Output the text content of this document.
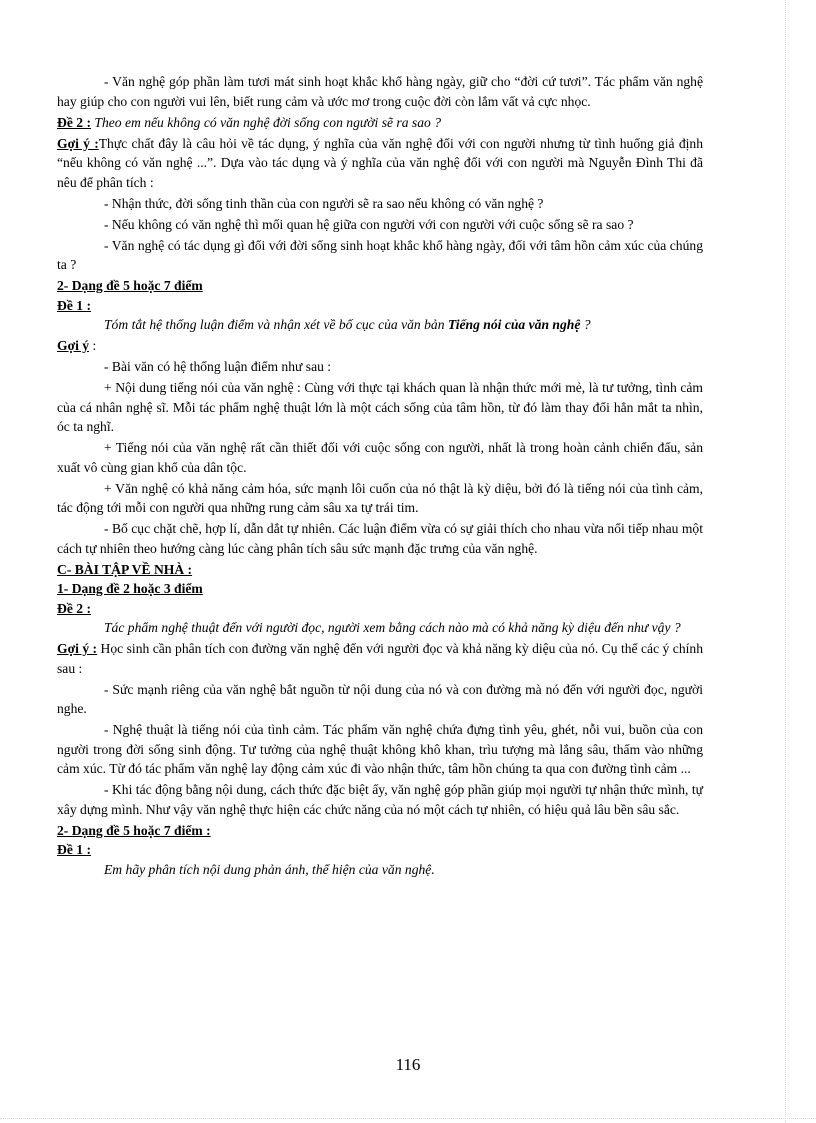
- Văn nghệ góp phần làm tươi mát sinh hoạt khắc khổ hàng ngày, giữ cho “đời cứ tươi”. Tác phẩm văn nghệ hay giúp cho con người vui lên, biết rung cảm và ước mơ trong cuộc đời còn lắm vất vả cực nhọc.

Đề 2 : Theo em nếu không có văn nghệ đời sống con người sẽ ra sao ?

Gợi ý :Thực chất đây là câu hỏi về tác dụng, ý nghĩa của văn nghệ đối với con người nhưng từ tình huống giả định “nếu không có văn nghệ ...”. Dựa vào tác dụng và ý nghĩa của văn nghệ đối với con người mà Nguyễn Đình Thi đã nêu để phân tích :

- Nhận thức, đời sống tinh thần của con người sẽ ra sao nếu không có văn nghệ ?

- Nếu không có văn nghệ thì mối quan hệ giữa con người với con người với cuộc sống sẽ ra sao ?

- Văn nghệ có tác dụng gì đối với đời sống sinh hoạt khắc khổ hàng ngày, đối với tâm hồn cảm xúc của chúng ta ?

2- Dạng đề 5 hoặc 7 điểm

Đề 1 :

Tóm tắt hệ thống luận điểm và nhận xét về bố cục của văn bản Tiếng nói của văn nghệ ?

Gợi ý :

- Bài văn có hệ thống luận điểm như sau :

+ Nội dung tiếng nói của văn nghệ : Cùng với thực tại khách quan là nhận thức mới mẻ, là tư tưởng, tình cảm của cá nhân nghệ sĩ. Mỗi tác phẩm nghệ thuật lớn là một cách sống của tâm hồn, từ đó làm thay đổi hẳn mắt ta nhìn, óc ta nghĩ.

+ Tiếng nói của văn nghệ rất cần thiết đối với cuộc sống con người, nhất là trong hoàn cảnh chiến đấu, sản xuất vô cùng gian khổ của dân tộc.

+ Văn nghệ có khả năng cảm hóa, sức mạnh lôi cuốn của nó thật là kỳ diệu, bởi đó là tiếng nói của tình cảm, tác động tới mỗi con người qua những rung cảm sâu xa tự trái tim.

- Bố cục chặt chẽ, hợp lí, dẫn dắt tự nhiên. Các luận điểm vừa có sự giải thích cho nhau vừa nối tiếp nhau một cách tự nhiên theo hướng càng lúc càng phân tích sâu sức mạnh đặc trưng của văn nghệ.

C- BÀI TẬP VỀ NHÀ :

1- Dạng đề 2 hoặc 3 điểm

Đề 2 :

Tác phẩm nghệ thuật đến với người đọc, người xem bằng cách nào mà có khả năng kỳ diệu đến như vậy ?

Gợi ý : Học sinh cần phân tích con đường văn nghệ đến với người đọc và khả năng kỳ diệu của nó. Cụ thể các ý chính sau :

- Sức mạnh riêng của văn nghệ bắt nguồn từ nội dung của nó và con đường mà nó đến với người đọc, người nghe.

- Nghệ thuật là tiếng nói của tình cảm. Tác phẩm văn nghệ chứa đựng tình yêu, ghét, nỗi vui, buồn của con người trong đời sống sinh động. Tư tưởng của nghệ thuật không khô khan, trìu tượng mà lắng sâu, thấm vào những cảm xúc. Từ đó tác phẩm văn nghệ lay động cảm xúc đi vào nhận thức, tâm hồn chúng ta qua con đường tình cảm ...

- Khi tác động bằng nội dung, cách thức đặc biệt ấy, văn nghệ góp phần giúp mọi người tự nhận thức mình, tự xây dựng mình. Như vậy văn nghệ thực hiện các chức năng của nó một cách tự nhiên, có hiệu quả lâu bền sâu sắc.

2- Dạng đề 5 hoặc 7 điểm :

Đề 1 :

Em hãy phân tích nội dung phản ánh, thể hiện của văn nghệ.

116
